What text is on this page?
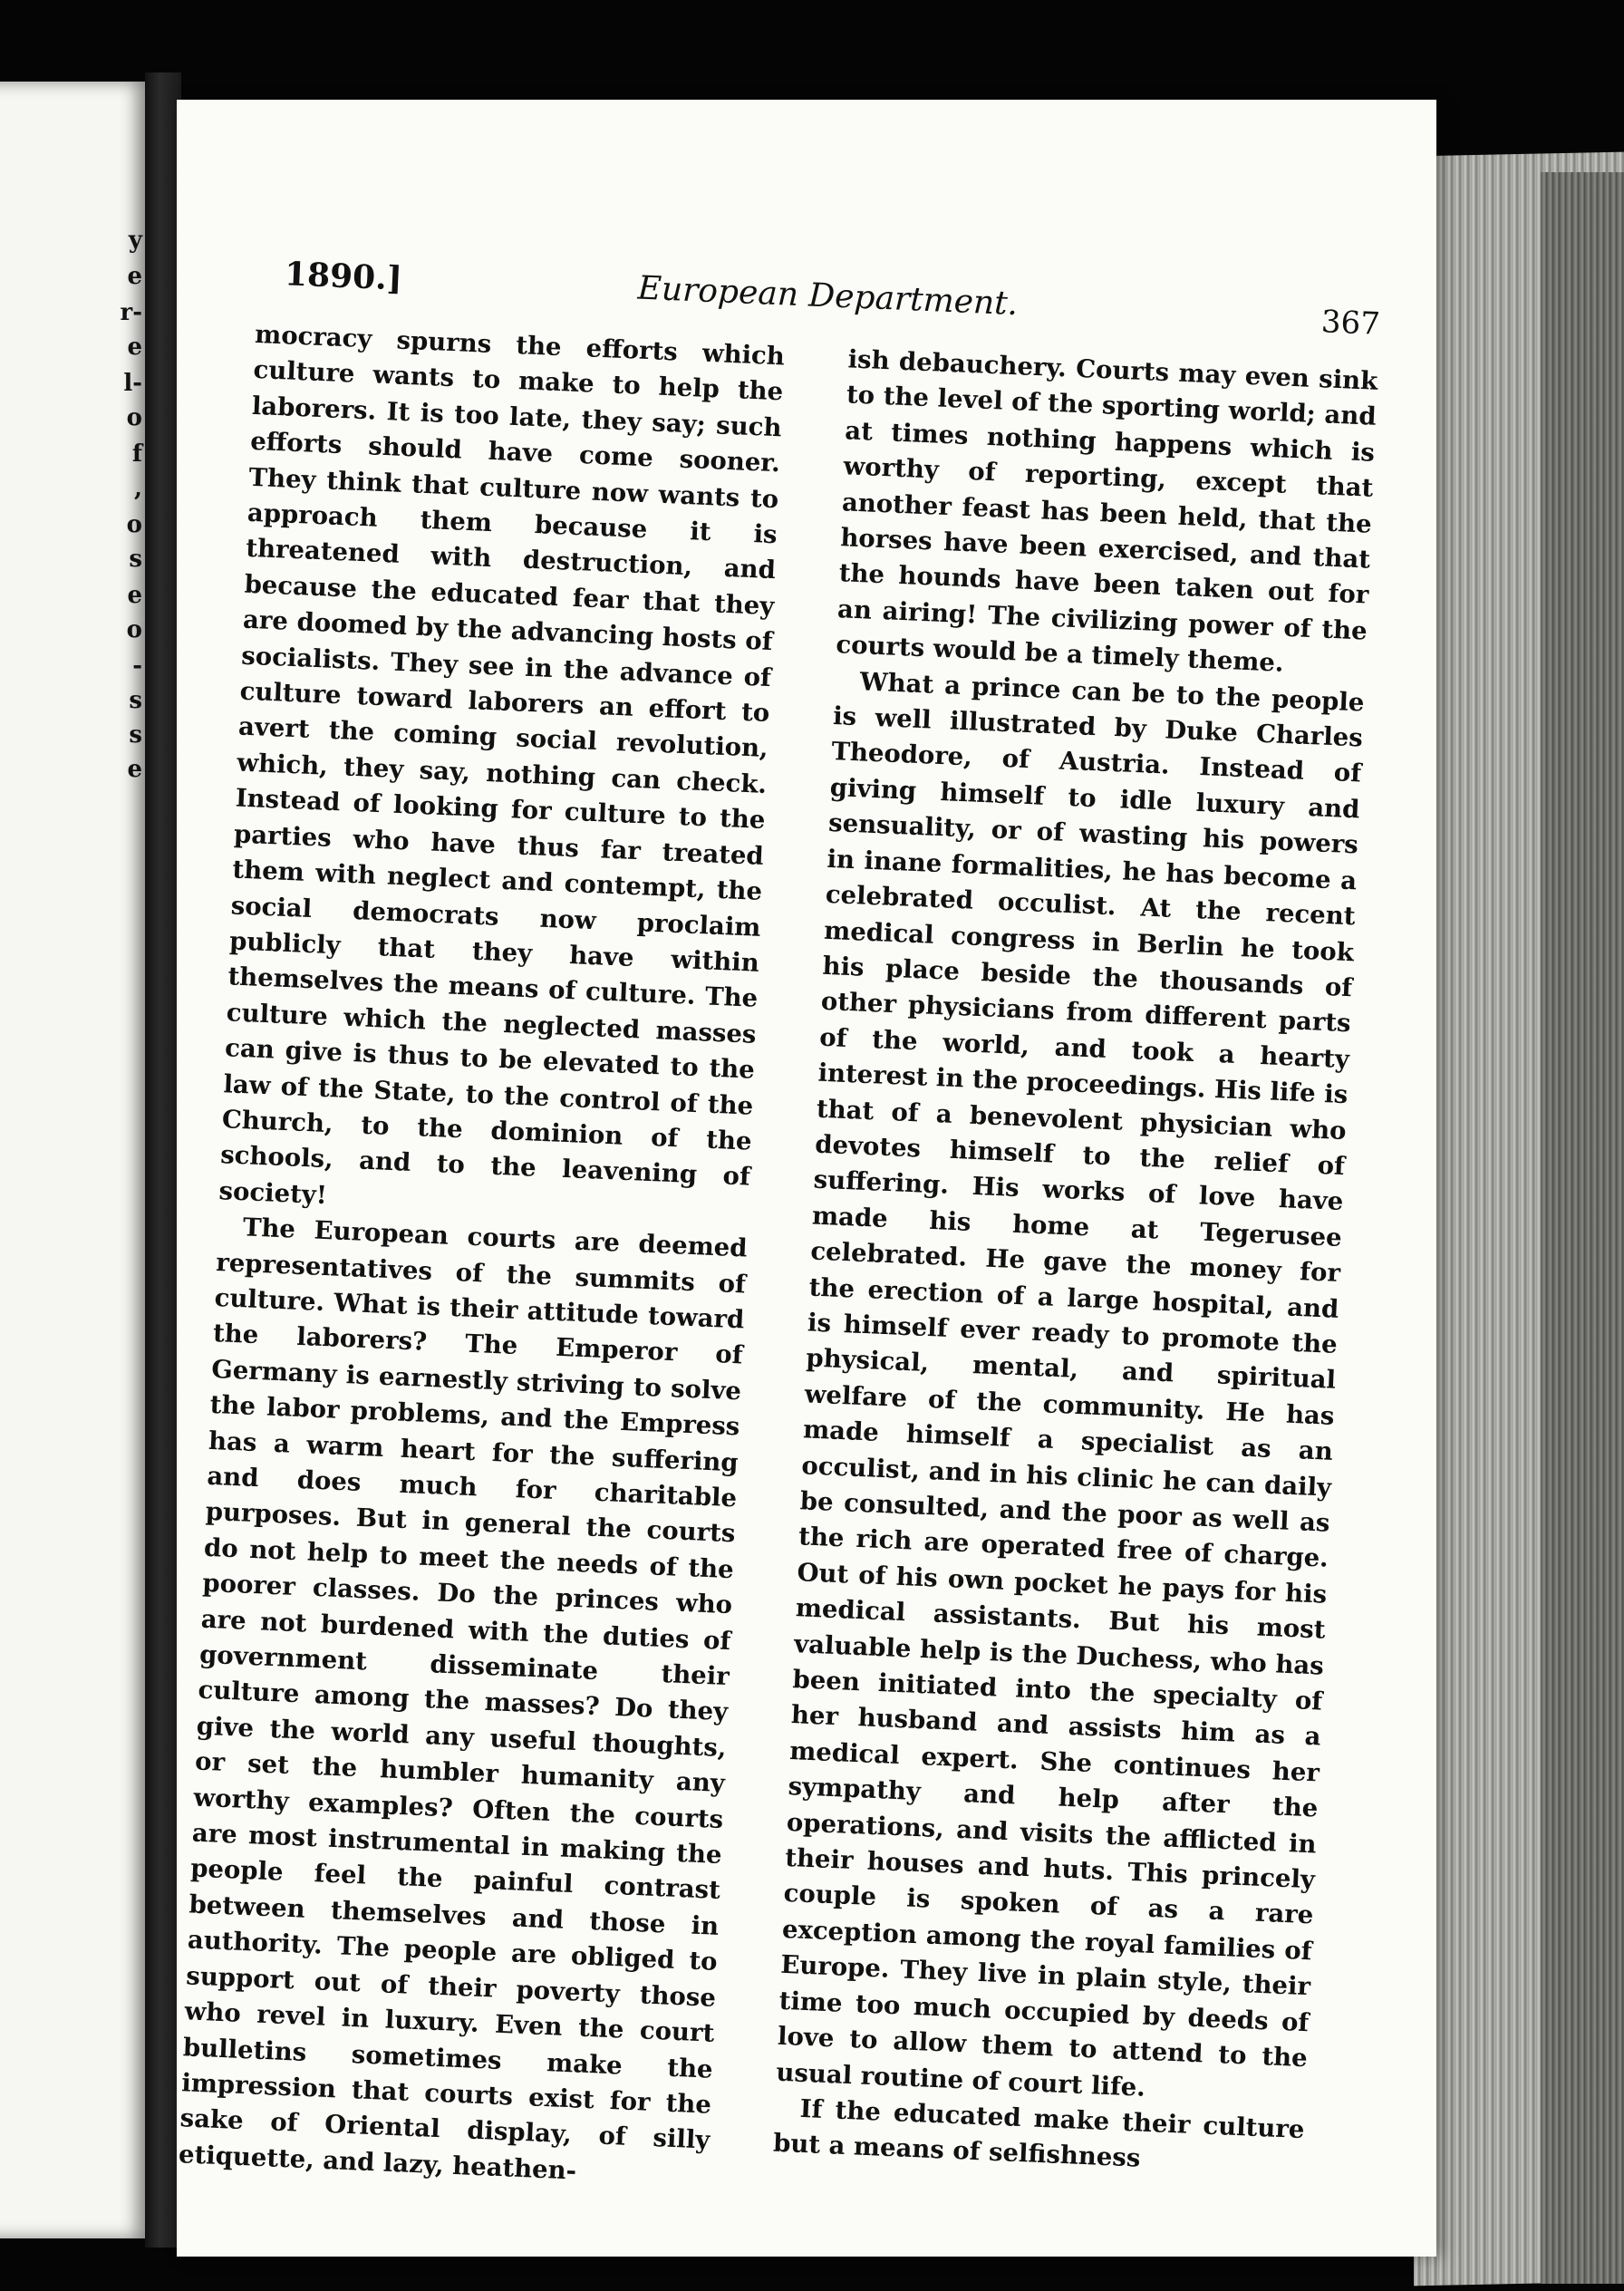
y
e
r-
e
l-
o
f
,
o
s
e
o
-
s
s
e
1890.]	European Department.
367

mocracy spurns the efforts which culture wants to make to help the laborers. It is too late, they say; such efforts should have come sooner. They think that culture now wants to approach them because it is threatened with destruction, and because the educated fear that they are doomed by the advancing hosts of socialists. They see in the advance of culture toward laborers an effort to avert the coming social revolution, which, they say, nothing can check. Instead of looking for culture to the parties who have thus far treated them with neglect and contempt, the social democrats now proclaim publicly that they have within themselves the means of culture. The culture which the neglected masses can give is thus to be elevated to the law of the State, to the control of the Church, to the dominion of the schools, and to the leavening of society!

The European courts are deemed representatives of the summits of culture. What is their attitude toward the laborers? The Emperor of Germany is earnestly striving to solve the labor problems, and the Empress has a warm heart for the suffering and does much for charitable purposes. But in general the courts do not help to meet the needs of the poorer classes. Do the princes who are not burdened with the duties of government disseminate their culture among the masses? Do they give the world any useful thoughts, or set the humbler humanity any worthy examples? Often the courts are most instrumental in making the people feel the painful contrast between themselves and those in authority. The people are obliged to support out of their poverty those who revel in luxury. Even the court bulletins sometimes make the impression that courts exist for the sake of Oriental display, of silly etiquette, and lazy, heathen-

ish debauchery. Courts may even sink to the level of the sporting world; and at times nothing happens which is worthy of reporting, except that another feast has been held, that the horses have been exercised, and that the hounds have been taken out for an airing! The civilizing power of the courts would be a timely theme.

What a prince can be to the people is well illustrated by Duke Charles Theodore, of Austria. Instead of giving himself to idle luxury and sensuality, or of wasting his powers in inane formalities, he has become a celebrated occulist. At the recent medical congress in Berlin he took his place beside the thousands of other physicians from different parts of the world, and took a hearty interest in the proceedings. His life is that of a benevolent physician who devotes himself to the relief of suffering. His works of love have made his home at Tegerusee celebrated. He gave the money for the erection of a large hospital, and is himself ever ready to promote the physical, mental, and spiritual welfare of the community. He has made himself a specialist as an occulist, and in his clinic he can daily be consulted, and the poor as well as the rich are operated free of charge. Out of his own pocket he pays for his medical assistants. But his most valuable help is the Duchess, who has been initiated into the specialty of her husband and assists him as a medical expert. She continues her sympathy and help after the operations, and visits the afflicted in their houses and huts. This princely couple is spoken of as a rare exception among the royal families of Europe. They live in plain style, their time too much occupied by deeds of love to allow them to attend to the usual routine of court life.

If the educated make their culture but a means of selfishness
